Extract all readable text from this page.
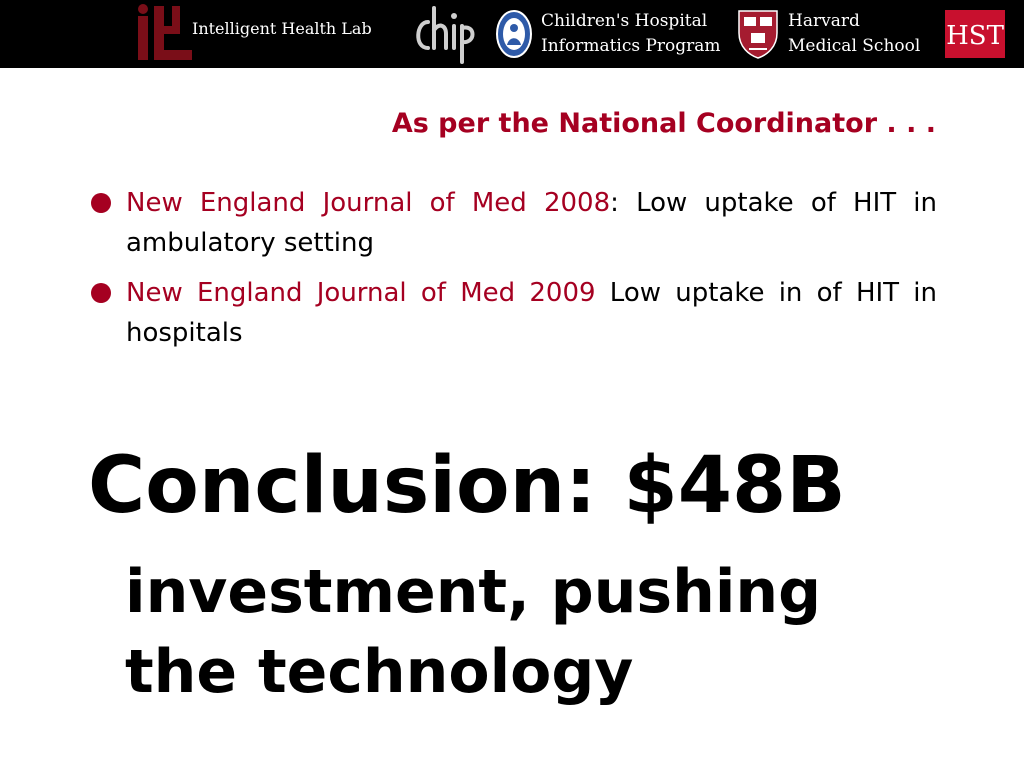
Intelligent Health Lab	Children's Hospital
Informatics Program
Harvard
Medical School HST
As per the National Coordinator . . .
New England Journal of Med 2008: Low uptake of HIT in ambulatory setting
New England Journal of Med 2009 Low uptake in of HIT in hospitals
Conclusion: $48B
investment, pushing
the technology
